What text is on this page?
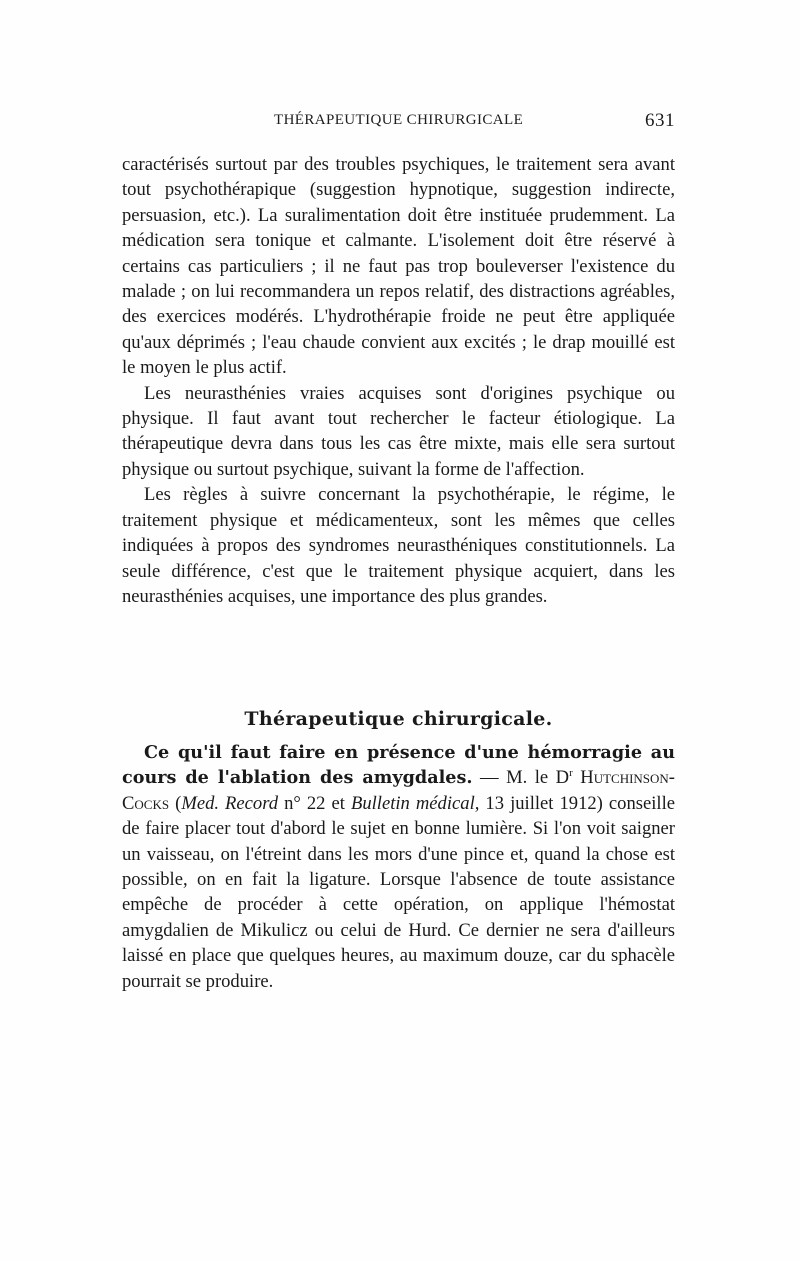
THÉRAPEUTIQUE CHIRURGICALE	631

caractérisés surtout par des troubles psychiques, le traitement sera avant tout psychothérapique (suggestion hypnotique, suggestion indirecte, persuasion, etc.). La suralimentation doit être instituée prudemment. La médication sera tonique et calmante. L'isolement doit être réservé à certains cas particuliers ; il ne faut pas trop bouleverser l'existence du malade ; on lui recommandera un repos relatif, des distractions agréables, des exercices modérés. L'hydrothérapie froide ne peut être appliquée qu'aux déprimés ; l'eau chaude convient aux excités ; le drap mouillé est le moyen le plus actif.

Les neurasthénies vraies acquises sont d'origines psychique ou physique. Il faut avant tout rechercher le facteur étiologique. La thérapeutique devra dans tous les cas être mixte, mais elle sera surtout physique ou surtout psychique, suivant la forme de l'affection.

Les règles à suivre concernant la psychothérapie, le régime, le traitement physique et médicamenteux, sont les mêmes que celles indiquées à propos des syndromes neurasthéniques constitutionnels. La seule différence, c'est que le traitement physique acquiert, dans les neurasthénies acquises, une importance des plus grandes.

Thérapeutique chirurgicale.

Ce qu'il faut faire en présence d'une hémorragie au cours de l'ablation des amygdales. — M. le $D^r$ Hutchinson-Cocks (Med. Record n° 22 et Bulletin médical, 13 juillet 1912) conseille de faire placer tout d'abord le sujet en bonne lumière. Si l'on voit saigner un vaisseau, on l'étreint dans les mors d'une pince et, quand la chose est possible, on en fait la ligature. Lorsque l'absence de toute assistance empêche de procéder à cette opération, on applique l'hémostat amygdalien de Mikulicz ou celui de Hurd. Ce dernier ne sera d'ailleurs laissé en place que quelques heures, au maximum douze, car du sphacèle pourrait se produire.
